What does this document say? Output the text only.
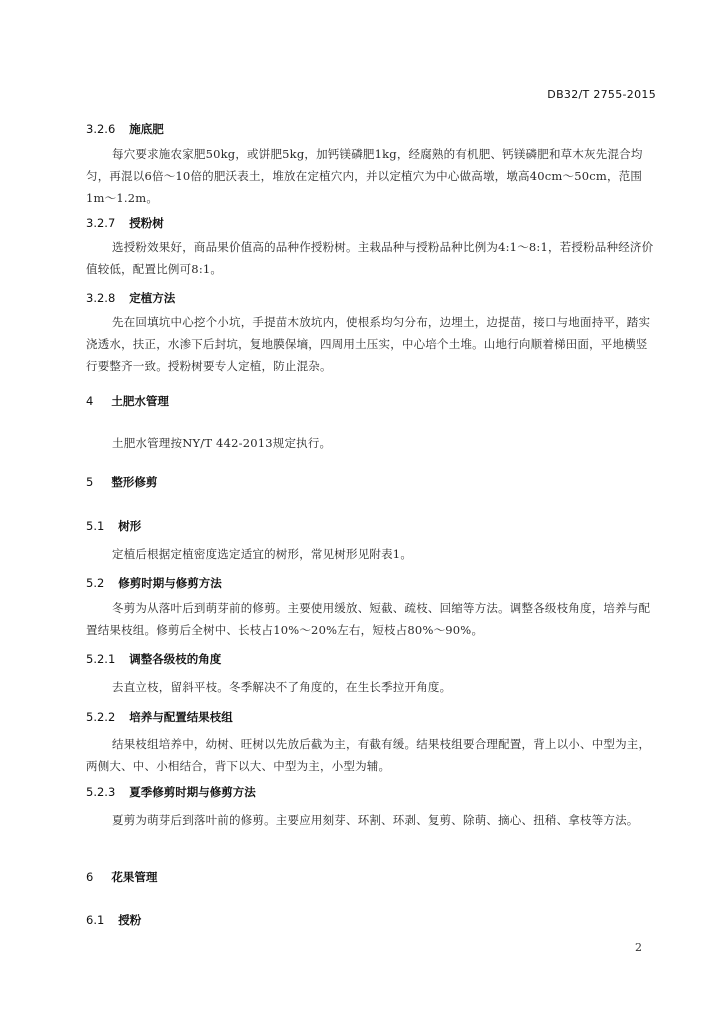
DB32/T 2755-2015
3.2.6 施底肥
每穴要求施农家肥50kg，或饼肥5kg，加钙镁磷肥1kg，经腐熟的有机肥、钙镁磷肥和草木灰先混合均匀，再混以6倍～10倍的肥沃表土，堆放在定植穴内，并以定植穴为中心做高墩，墩高40cm～50cm，范围1m～1.2m。
3.2.7 授粉树
选授粉效果好，商品果价值高的品种作授粉树。主栽品种与授粉品种比例为4:1～8:1，若授粉品种经济价值较低，配置比例可8:1。
3.2.8 定植方法
先在回填坑中心挖个小坑，手提苗木放坑内，使根系均匀分布，边埋土，边提苗，接口与地面持平，踏实浇透水，扶正，水渗下后封坑，复地膜保墒，四周用土压实，中心培个土堆。山地行向顺着梯田面，平地横竖行要整齐一致。授粉树要专人定植，防止混杂。
4 土肥水管理
土肥水管理按NY/T 442-2013规定执行。
5 整形修剪
5.1 树形
定植后根据定植密度选定适宜的树形，常见树形见附表1。
5.2 修剪时期与修剪方法
冬剪为从落叶后到萌芽前的修剪。主要使用缓放、短截、疏枝、回缩等方法。调整各级枝角度，培养与配置结果枝组。修剪后全树中、长枝占10%～20%左右，短枝占80%～90%。
5.2.1 调整各级枝的角度
去直立枝，留斜平枝。冬季解决不了角度的，在生长季拉开角度。
5.2.2 培养与配置结果枝组
结果枝组培养中，幼树、旺树以先放后截为主，有截有缓。结果枝组要合理配置，背上以小、中型为主，两侧大、中、小相结合，背下以大、中型为主，小型为辅。
5.2.3 夏季修剪时期与修剪方法
夏剪为萌芽后到落叶前的修剪。主要应用刻芽、环割、环剥、复剪、除萌、摘心、扭稍、拿枝等方法。
6 花果管理
6.1 授粉
2
